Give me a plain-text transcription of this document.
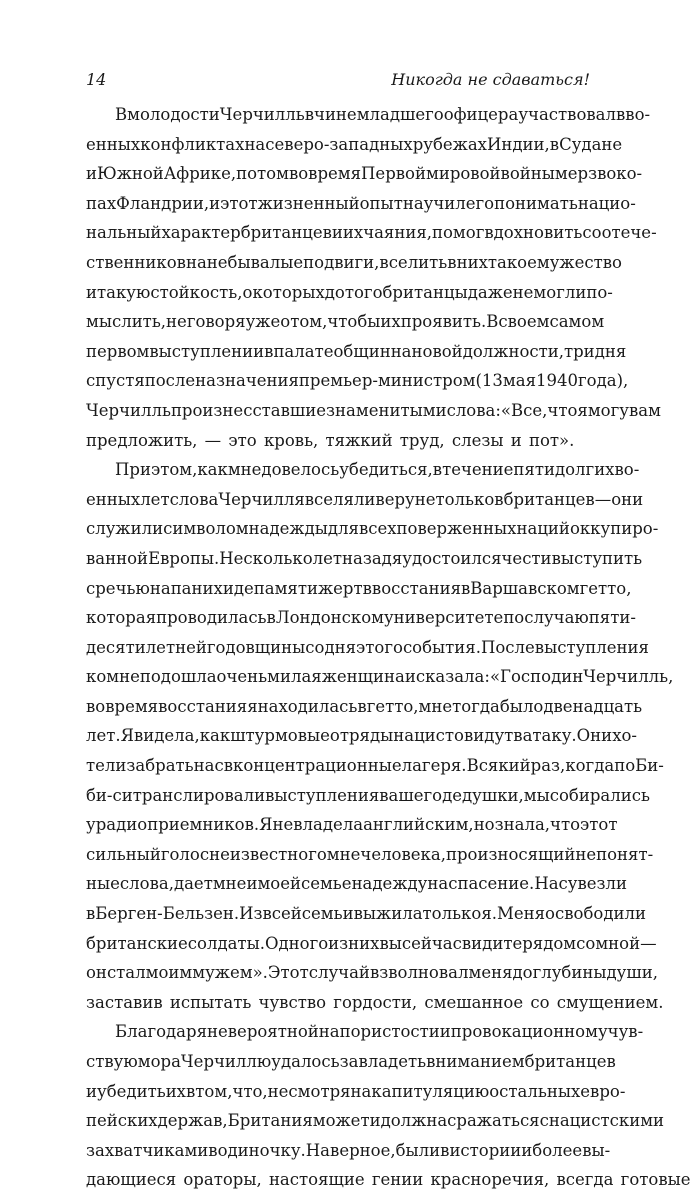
14	Никогда не сдаваться!
В молодости Черчилль в чине младшего офицера участвовал в во-
енных конфликтах на северо-западных рубежах Индии, в Судане
и Южной Африке, потом во время Первой мировой войны мерз в око-
пах Фландрии, и этот жизненный опыт научил его понимать нацио-
нальный характер британцев и их чаяния, помог вдохновить соотече-
ственников на небывалые подвиги, вселить в них такое мужество
и такую стойкость, о которых до того британцы даже не могли по-
мыслить, не говоря уже о том, чтобы их проявить. В своем самом
первом выступлении в палате общин на новой должности, три дня
спустя после назначения премьер-министром (13 мая 1940 года),
Черчилль произнес ставшие знаменитыми слова: «Все, что я могу вам
предложить, — это кровь, тяжкий труд, слезы и пот».
При этом, как мне довелось убедиться, в течение пяти долгих во-
енных лет слова Черчилля вселяли веру не только в британцев — они
служили символом надежды для всех поверженных наций оккупиро-
ванной Европы. Несколько лет назад я удостоился чести выступить
с речью на панихиде памяти жертв восстания в Варшавском гетто,
которая проводилась в Лондонском университете по случаю пяти-
десятилетней годовщины со дня этого события. После выступления
ко мне подошла очень милая женщина и сказала: «Господин Черчилль,
во время восстания я находилась в гетто, мне тогда было двенадцать
лет. Я видела, как штурмовые отряды нацистов идут в атаку. Они хо-
тели забрать нас в концентрационные лагеря. Всякий раз, когда по Би-
би-си транслировали выступления вашего дедушки, мы собирались
у радиоприемников. Я не владела английским, но знала, что этот
сильный голос неизвестного мне человека, произносящий непонят-
ные слова, дает мне и моей семье надежду на спасение. Нас увезли
в Берген-Бельзен. Из всей семьи выжила только я. Меня освободили
британские солдаты. Одного из них вы сейчас видите рядом со мной —
он стал моим мужем». Этот случай взволновал меня до глубины души,
заставив испытать чувство гордости, смешанное со смущением.
Благодаря невероятной напористости и провокационному чув-
ству юмора Черчиллю удалось завладеть вниманием британцев
и убедить их в том, что, несмотря на капитуляцию остальных евро-
пейских держав, Британия может и должна сражаться с нацистскими
захватчиками в одиночку. Наверное, были в истории и более вы-
дающиеся ораторы, настоящие гении красноречия, всегда готовые
